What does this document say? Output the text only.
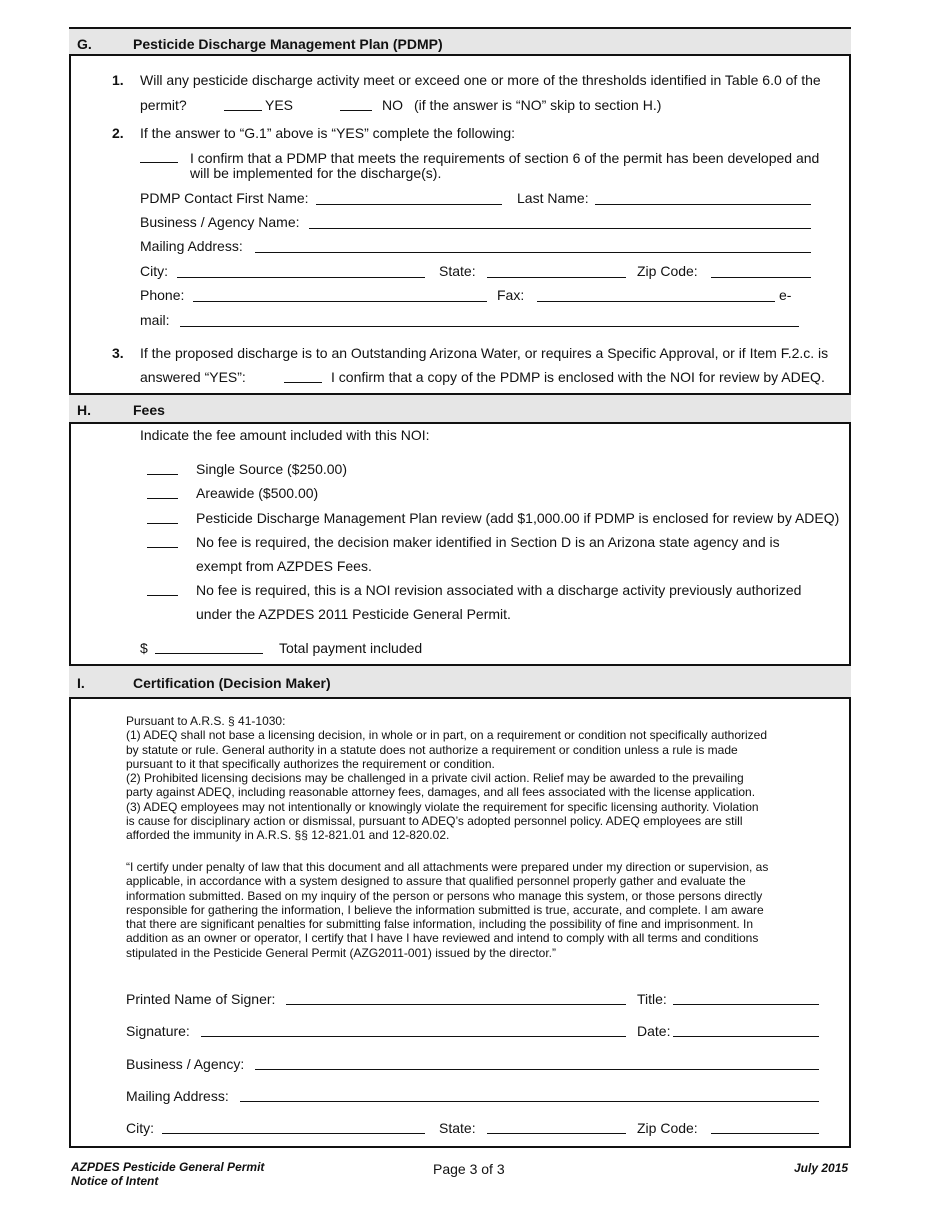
G.	Pesticide Discharge Management Plan (PDMP)
1. Will any pesticide discharge activity meet or exceed one or more of the thresholds identified in Table 6.0 of the
permit?	YES	NO (if the answer is “NO” skip to section H.)
2. If the answer to “G.1” above is “YES” complete the following:
I confirm that a PDMP that meets the requirements of section 6 of the permit has been developed and
will be implemented for the discharge(s).
PDMP Contact First Name:	Last Name:
Business / Agency Name:
Mailing Address:
City:	State:	Zip Code:
Phone:	Fax:	e-
mail:
3. If the proposed discharge is to an Outstanding Arizona Water, or requires a Specific Approval, or if Item F.2.c. is
answered “YES”:	I confirm that a copy of the PDMP is enclosed with the NOI for review by ADEQ.
H.	Fees
Indicate the fee amount included with this NOI:
Single Source ($250.00)
Areawide ($500.00)
Pesticide Discharge Management Plan review (add $1,000.00 if PDMP is enclosed for review by ADEQ)
No fee is required, the decision maker identified in Section D is an Arizona state agency and is
exempt from AZPDES Fees.
No fee is required, this is a NOI revision associated with a discharge activity previously authorized
under the AZPDES 2011 Pesticide General Permit.
$	Total payment included
I.	Certification (Decision Maker)
Pursuant to A.R.S. § 41-1030:
(1) ADEQ shall not base a licensing decision, in whole or in part, on a requirement or condition not specifically authorized
by statute or rule. General authority in a statute does not authorize a requirement or condition unless a rule is made
pursuant to it that specifically authorizes the requirement or condition.
(2) Prohibited licensing decisions may be challenged in a private civil action. Relief may be awarded to the prevailing
party against ADEQ, including reasonable attorney fees, damages, and all fees associated with the license application.
(3) ADEQ employees may not intentionally or knowingly violate the requirement for specific licensing authority. Violation
is cause for disciplinary action or dismissal, pursuant to ADEQ’s adopted personnel policy. ADEQ employees are still
afforded the immunity in A.R.S. §§ 12-821.01 and 12-820.02.
“I certify under penalty of law that this document and all attachments were prepared under my direction or supervision, as
applicable, in accordance with a system designed to assure that qualified personnel properly gather and evaluate the
information submitted. Based on my inquiry of the person or persons who manage this system, or those persons directly
responsible for gathering the information, I believe the information submitted is true, accurate, and complete. I am aware
that there are significant penalties for submitting false information, including the possibility of fine and imprisonment. In
addition as an owner or operator, I certify that I have I have reviewed and intend to comply with all terms and conditions
stipulated in the Pesticide General Permit (AZG2011-001) issued by the director.”
Printed Name of Signer:	Title:
Signature:	Date:
Business / Agency:
Mailing Address:
City:	State:	Zip Code:
AZPDES Pesticide General Permit
Notice of Intent
Page 3 of 3	July 2015
